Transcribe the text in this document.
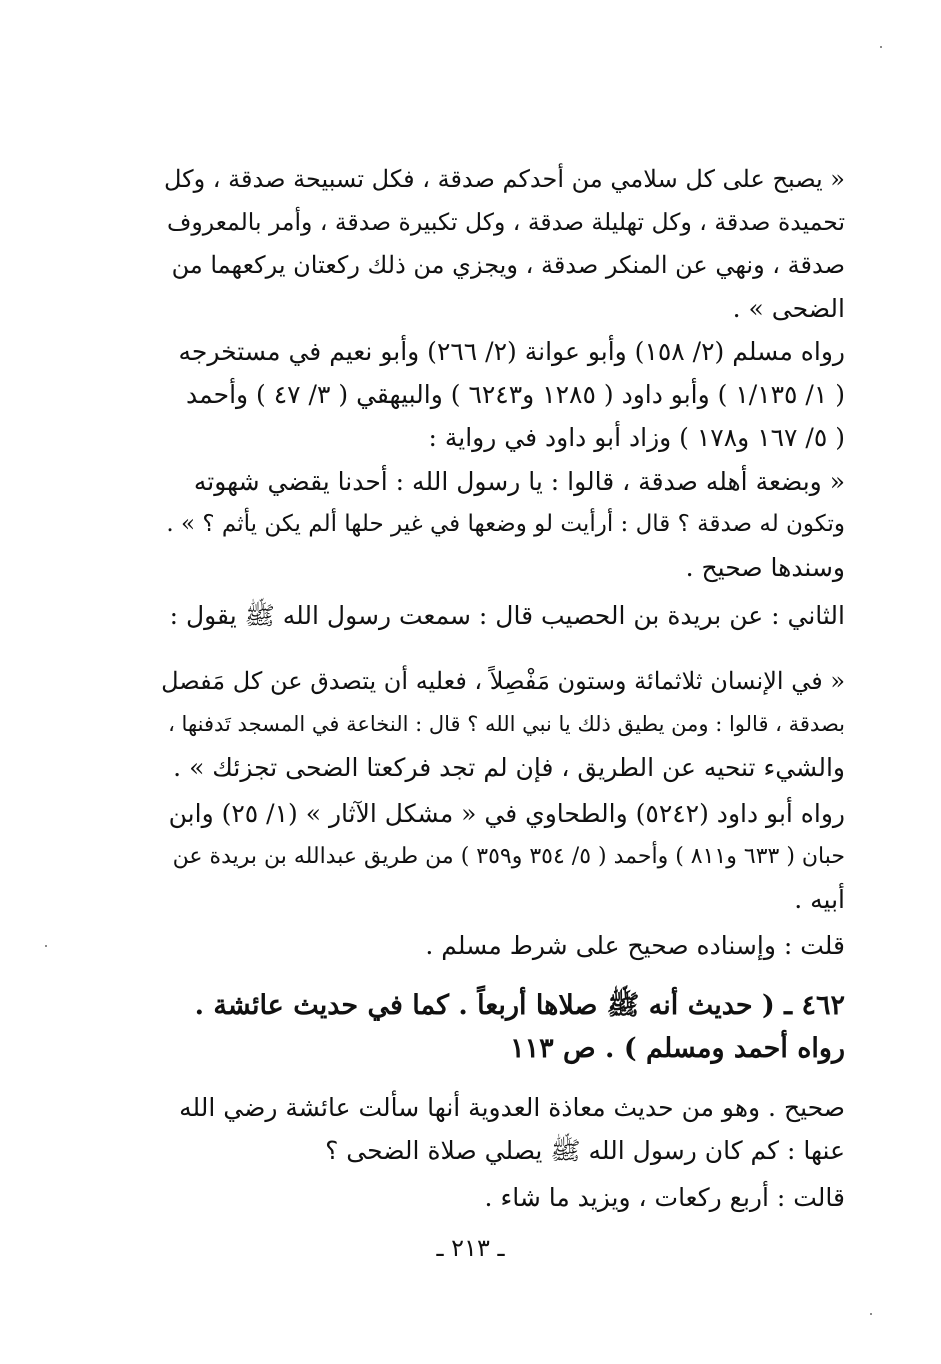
« يصبح على كل سلامي من أحدكم صدقة ، فكل تسبيحة صدقة ، وكل
تحميدة صدقة ، وكل تهليلة صدقة ، وكل تكبيرة صدقة ، وأمر بالمعروف
صدقة ، ونهي عن المنكر صدقة ، ويجزي من ذلك ركعتان يركعهما من
الضحى » .

رواه مسلم (٢/ ١٥٨) وأبو عوانة (٢/ ٢٦٦) وأبو نعيم في مستخرجه
( ١/ ١/١٣٥ ) وأبو داود ( ١٢٨٥ و٦٢٤٣ ) والبيهقي ( ٣/ ٤٧ ) وأحمد
( ٥/ ١٦٧ و١٧٨ ) وزاد أبو داود في رواية :

« وبضعة أهله صدقة ، قالوا : يا رسول الله : أحدنا يقضي شهوته
وتكون له صدقة ؟ قال : أرأيت لو وضعها في غير حلها ألم يكن يأثم ؟ » .
وسندها صحيح .

الثاني : عن بريدة بن الحصيب قال : سمعت رسول الله ﷺ يقول :

« في الإنسان ثلاثمائة وستون مَفْصِلاً ، فعليه أن يتصدق عن كل مَفصل
بصدقة ، قالوا : ومن يطيق ذلك يا نبي الله ؟ قال : النخاعة في المسجد تَدفنها ،
والشيء تنحيه عن الطريق ، فإن لم تجد فركعتا الضحى تجزئك » .

رواه أبو داود (٥٢٤٢) والطحاوي في « مشكل الآثار » (١/ ٢٥) وابن
حبان ( ٦٣٣ و٨١١ ) وأحمد ( ٥/ ٣٥٤ و٣٥٩ ) من طريق عبدالله بن بريدة عن
أبيه .

قلت : وإسناده صحيح على شرط مسلم .

٤٦٢ ـ ( حديث أنه ﷺ صلاها أربعاً . كما في حديث عائشة .
رواه أحمد ومسلم ) . ص ١١٣

صحيح . وهو من حديث معاذة العدوية أنها سألت عائشة رضي الله
عنها : كم كان رسول الله ﷺ يصلي صلاة الضحى ؟

قالت : أربع ركعات ، ويزيد ما شاء .

ـ ٢١٣ ـ
